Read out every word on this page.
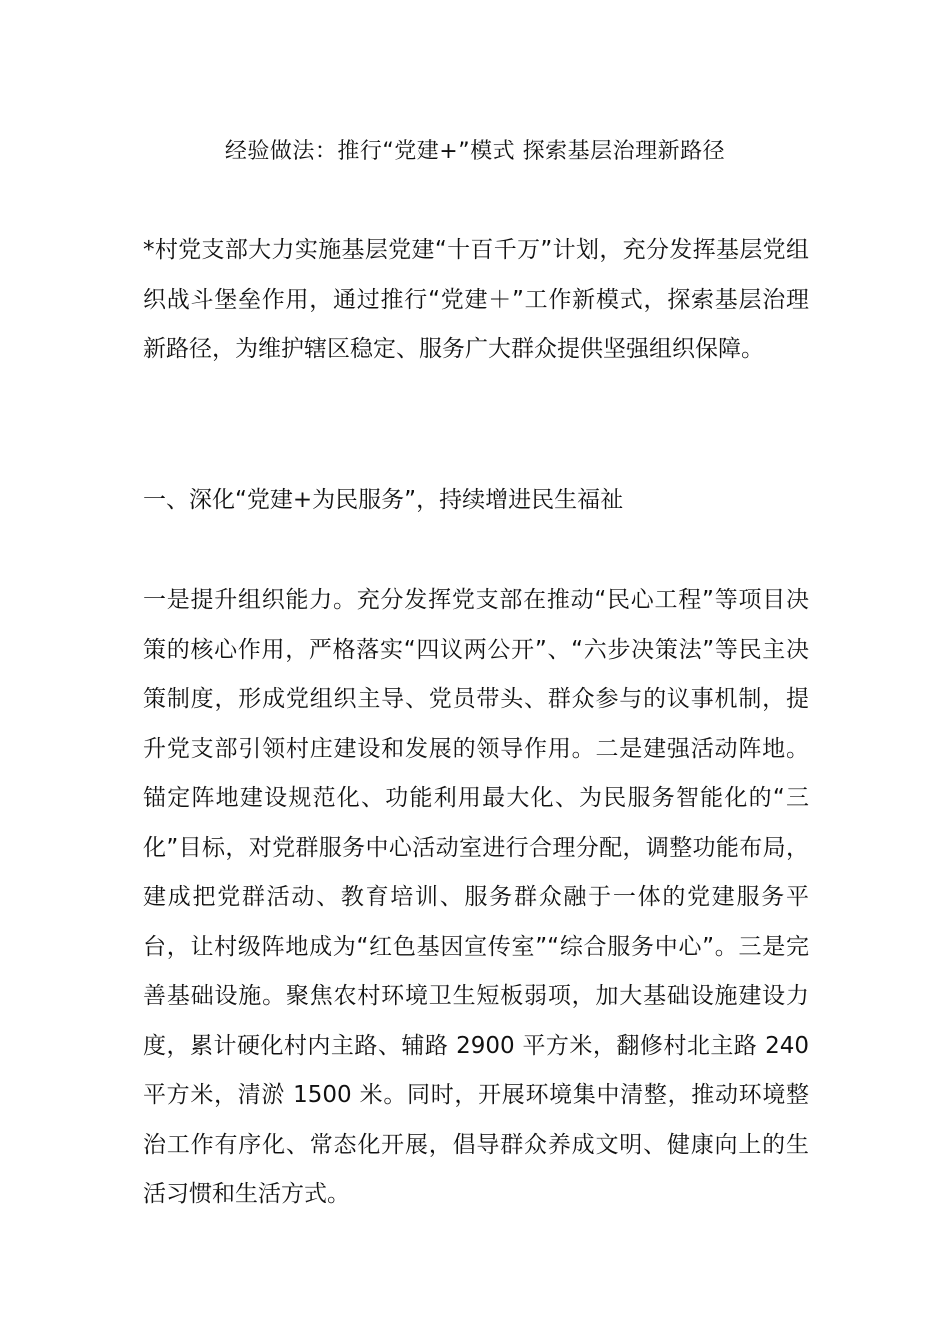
经验做法：推行“党建+”模式 探索基层治理新路径

*村党支部大力实施基层党建“十百千万”计划，充分发挥基层党组织战斗堡垒作用，通过推行“党建＋”工作新模式，探索基层治理新路径，为维护辖区稳定、服务广大群众提供坚强组织保障。

一、深化“党建+为民服务”，持续增进民生福祉

一是提升组织能力。充分发挥党支部在推动“民心工程”等项目决策的核心作用，严格落实“四议两公开”、“六步决策法”等民主决策制度，形成党组织主导、党员带头、群众参与的议事机制，提升党支部引领村庄建设和发展的领导作用。二是建强活动阵地。锚定阵地建设规范化、功能利用最大化、为民服务智能化的“三化”目标，对党群服务中心活动室进行合理分配，调整功能布局，建成把党群活动、教育培训、服务群众融于一体的党建服务平台，让村级阵地成为“红色基因宣传室”“综合服务中心”。三是完善基础设施。聚焦农村环境卫生短板弱项，加大基础设施建设力度，累计硬化村内主路、辅路 2900 平方米，翻修村北主路 240 平方米，清淤 1500 米。同时，开展环境集中清整，推动环境整治工作有序化、常态化开展，倡导群众养成文明、健康向上的生活习惯和生活方式。
